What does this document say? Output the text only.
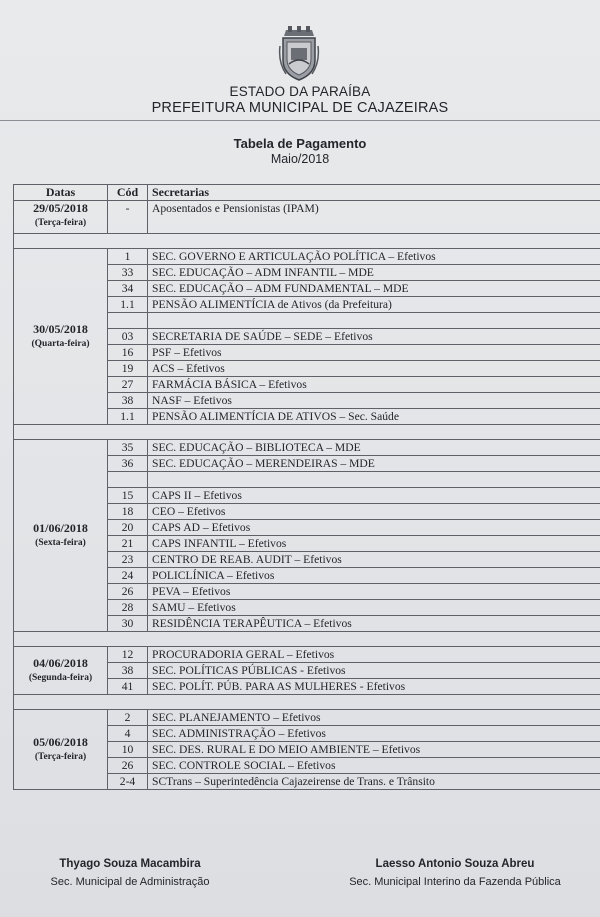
ESTADO DA PARAÍBA
PREFEITURA MUNICIPAL DE CAJAZEIRAS
Tabela de Pagamento
Maio/2018
Datas	Cód	Secretarias

29/05/2018
(Terça-feira)	-	Aposentados e Pensionistas (IPAM)

30/05/2018
(Quarta-feira)	1	SEC. GOVERNO E ARTICULAÇÃO POLÍTICA – Efetivos
	33	SEC. EDUCAÇÃO – ADM INFANTIL – MDE
	34	SEC. EDUCAÇÃO – ADM FUNDAMENTAL – MDE
	1.1	PENSÃO ALIMENTÍCIA de Ativos (da Prefeitura)

	03	SECRETARIA DE SAÚDE – SEDE – Efetivos
	16	PSF – Efetivos
	19	ACS – Efetivos
	27	FARMÁCIA BÁSICA – Efetivos
	38	NASF – Efetivos
	1.1	PENSÃO ALIMENTÍCIA DE ATIVOS – Sec. Saúde

01/06/2018
(Sexta-feira)	35	SEC. EDUCAÇÃO – BIBLIOTECA – MDE
	36	SEC. EDUCAÇÃO – MERENDEIRAS – MDE

	15	CAPS II – Efetivos
	18	CEO – Efetivos
	20	CAPS AD – Efetivos
	21	CAPS INFANTIL – Efetivos
	23	CENTRO DE REAB. AUDIT – Efetivos
	24	POLICLÍNICA – Efetivos
	26	PEVA – Efetivos
	28	SAMU – Efetivos
	30	RESIDÊNCIA TERAPÊUTICA – Efetivos

04/06/2018
(Segunda-feira)	12	PROCURADORIA GERAL – Efetivos
	38	SEC. POLÍTICAS PÚBLICAS - Efetivos
	41	SEC. POLÍT. PÚB. PARA AS MULHERES - Efetivos

05/06/2018
(Terça-feira)	2	SEC. PLANEJAMENTO – Efetivos
	4	SEC. ADMINISTRAÇÃO – Efetivos
	10	SEC. DES. RURAL E DO MEIO AMBIENTE – Efetivos
	26	SEC. CONTROLE SOCIAL – Efetivos
	2-4	SCTrans – Superintedência Cajazeirense de Trans. e Trânsito
Thyago Souza Macambira
Sec. Municipal de Administração
Laesso Antonio Souza Abreu
Sec. Municipal Interino da Fazenda Pública
